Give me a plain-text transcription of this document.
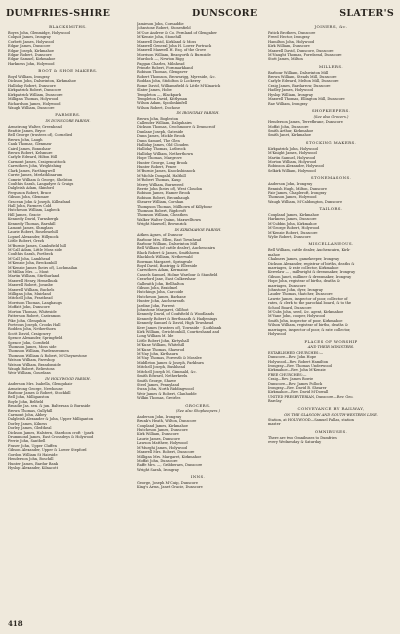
DUMFRIES-SHIRE	DUNSCORE	SLATER'S
BLACKSMITHS.
Boyes John, Glenmidge, Holywood
Colquit James, Irongray
Corbett James, Holywood
Edgar James, Dunscore
Edgar Joseph, Kirkmahoe
Edgar Robert, Dunscore
Edgar Samuel, Kirkmahoe
Harkness John, Holywood
BOOT & SHOE MAKERS.
Boyd William, Irongray
Dickson John, Dalswinton, Kirkmahoe
Halliday Robert, Dunscore
Kirkpatrick Robert, Dunscore
Kirkpatrick William, Dunscore
Milligan Thomas, Holywood
Richardson James, Holywood
Waugh William, Dunscore
FARMERS.
IN DUNSCORE PARISH.
Armstrong Walter, Greenhead
Beattie James, Bryce
Bell George (trustees of), Cornelied
Brown John, Laugh
Cauk Thomas, Glenmaw
Caird James, Bonnshaw
Brown Robert, Kelsmure
Carlyle Edward, Hilton Hill
Carmont James, Craigencattock
Carruthers John, Wrightshing
Clark James, Farthingwell
Currie James, Merlathlinarum
Comrie William & George, Shelston
Coulthis Sarah, Langadyre & Craigs
Dalgleish Adam, Skinford
Ferguson Robert, Bruce
Gibson John, Glenmaw
Gracean John & Joseph, Killeafand
Hall John, Farmers Cold
Hutcheson William, Lagbeck
Hill James, Gracie
Kennedy David, Turnsbergk
Kennedy Thomas, Barnhill
Lamont James, Shmglass
Laurie Robert, Rosebraehill
Lopnel Alexander, Hillynock
Little Robert, Grezh
M'Burnie James, Cambsfield hill
M'Call Adam, Little Moss side
Coulthis Sarah, Portbeck
M'Call John, Lambhead
M'Kenzie John, Breckonhill
M'Kenzie James (heirs of), Lochmailan
M'Millan Mrs. — Mout
Martin William, Stirthurland
Maxwell Henry, Hemelhusk
Maxwell Robert, Joranbe
Maxwell William, Buchels
Milligan John, Muirland
Mitchell John, Frasthead
Morrison Thomas, Langhaugs
Moffatt John, Dunscore
Morton Thomas, Whiteside
Patterson Robert, Castramon
Pike John, Glenquhin
Porteous Joseph, Crooks Hall
Rodden John, Netherthorn
Scott David, Craigcurry
Spence Alexander, Springfield
Spence John, Cornfield
Thomson James, Moss side
Thomson William, Fardenswomen
Thomson William & Robert, M'Cheynestone
Watson William, Fareshop
Watson William, Brandonside
Waugh Robert, Reliestons
Weir William, Gourdans
IN HOLYWOOD PARISH.
Anderson Mrs. Isabella, Glenquhair
Armstrong George, Newhouse
Barbour James & Robert, Stockhill
Bell John, Milliganston
Boyle John, Belfield
Broadie Jas. sen. & jun. Baltersan & Burnside
Brown Thomas, Gullyhill
Carmont John, Abbey
Dalgleish Alexander & John, Upper Milliganton
Dorley James, Kilness
Dorley James, Gledtheal
Dickson James, Halstern, Stardoon croft · (park
Drummond James, East Crossdeys & Holywood
Ferrie John, Santbell
Fraser John, Upper Cluffen
Gibson Alexander, Upper & Lower Stepford
Gordon William St Hairside
Henderson John, Boschill
Hunter James, Bardur Bank
Hyslop Alexander, Kilnacott
Jamieson John, Cornaddie
Johnstone Robert, Stonesfield
M'Cue Andrew & Co. Fernland of Glengaber
M'Kenzie John, Stonehill
Maxwell David, Kirkland & Moss
Maxwell General John H. Lower Portrack
Maxwell Maxwell H. Esq. of the Grove
Morrison William, Beanyorth & Burnside
Murdoch —, Newton Rigg
Paggan Charles, Milnhead
Primrle Robert, Fornmarkhand
Robison Thomas, Glengaver
Robert Thomson, Brownrigg, Myreside, &c.
Roddan John, Stidolton & Lockerey
Rome David, Williamsfield & Little M'Kinarick
Slater James, Hobe
Templeton —, Blackpark
Templeton David, Kittlyman
Wilson Adam, Spoiloskinfell
Wilson Robert, Dochose
IN IRONGRAY PARISH.
Brown John, Bogleston
Callender William, Dalquhairn
Dickson Thomas, Crochmoore & Drumcroif
Dunlane Joseph, Gateside
Dunn James, Mickle Brook
Dunn Samuel, The Glen
Halliday James, Old Clouden
Halliday Thomas, Lotbrock
Halliday William, Netherthown
Hope Thomas, Margrove
Hunter George, Long Brook
Hunter Robert, Fenee
M'Burnie James, Knockshinnock
M'Michle Dougald, Halthill
M'Robert Thomas, Kaup
Merry William, Burnweed
Rerrie John (heirs of), West Cloudon
Robison James, Hamer Brook
Robison Robert, Brounhaugh
Shearer William, Corshan
Thompson Thomas, Millhown of Killybour
Thomson Robert, Rigdcroft
Thomson William, Cheathen
Walker Walter Quinn, Maxwelltown
Wright Maxwell, Brownrick
IN KIRKMAHOE PARISH.
Aitken Agnes, of Dunscor
Barbour Mrs. Ellen, East Townhead
Barbour William, Dalswinton Mill
Bell William (of cattle dealer), Auchencairn
Black Robert & James, Smithhown
Blacklock William, Netherwald
Bowman Margaret, Springvale
Boyd David, Boatrigg & Elleeside
Carruthers Adam, Kermaine
Cassels Samuel, Holme Wardour & Stanfield
Crawford Jane, East Culkershaw
Galbraith John, Bellhalton
Gibson John, Braidmel
Hutchings John, Carcoide
Hutcheson James, Barbane
Hunter John, Auchenreath
Jardine John, Forrest
Johnstone Margaret, Gillfoot
Kennedy David, of Coufsfield & Woodlands
Kennedy Robert & Berthsaath & Hadjenings
Kennedy Samuel & David, High Townhead
Kerr James (trustees of), Townside · (Luthbank
Kirk William, Grrichtonhill, Courtieshand and
Long William M. lde
Little Robert John, Kirtyshall
M'Kune William, Whitehill
M'Kune Thomas, Shawrod
M'Nay John, Kirthaurn
M'Nay Thomas, Forrestb & Mosslee
Middleton James & Joseph, Parkburn
Mitchell Joseph, Bushhead
Mitchell Joseph M, Gimmald, &c.
Smith Edward, Netherkeelu
Smith George, Shawe
Steel James, Pennyland
Swan John, North Riddingwood
Weir James & Robert, Clanhudde
Wilkin Thomas, Greirles
GROCERS.
(See also Shopkeepers.)
Anderson John, Irongray
Brunk's Heath, Wilton, Dunscore
Coupland James, Kirkmahoe
Hutcheson James, Dunscore
Kirk William, Dunscore
Laurie James, Dunscore
Lawson Matthew, Holywood
M'Murghi James, Holywood
Maxwell Mrs. Robert, Dunscore
Milligan Mrs. Margaret, Kirkmahoe
Moffat John, Dunscore
Raffe Mrs. —, Gribberaes, Dunscore
Wright Sarah, Irongray
INNS.
George, Joseph M'Cuip, Dunscore
King's Arms, Janet Gracie, Dunscore
JOINERS, &c.
Patick Brothers, Dunscore
Freed Hector, Irongray
Hamilton John, Holywood
Kirk William, Dunscore
Maxwell David, Dunscore, Dunscore
M'Naught Thomas, Forrdsend, Dunscore
Stott James, Milton
MILLERS.
Barbour William, Dalswinton Mill
Brown William, Steads Mill, Dunscore
Carlyle Edward, Melton Mill, Dunscore
Craig James, Bardarrow, Dunscore
Hadley James, Holywood
Hyslop William, Irongray
Maxwell Thomas, Ellington Mill, Dunscore
Rae William, Irongray
SHOPKEEPERS.
(See also Grocers.)
Henderson James, Terrefbrane, Dunscore
Moffat John, Dunscore
Smith Arthur, Kirkmahoe
Smith Janet, Kirkmahoe
STOCKING MAKERS.
Kirkpatrick John, Holywood
M'Knight James, Holywood
Martin Samuel, Holywood
Morton William, Holywood
Robinson Alexander, Holywood
Selkirk William, Holywood
STONEMASONS.
Anderson John, Irongray
Bennish Hugh, Milton, Dunscore
Fair James, Chapleroft, Irongray
Thomson James, Holywood
Waugh William, M'Caldongton, Dunscore
TAILORS.
Coupland James, Kirkmahoe
Harkness James, Dunscore
M'Cubbin John, Kirkmahoe
M'George Robert, Holywood
M'Kenzie Robert, Dunscore
Wylie Robert, Dunscore
MISCELLANEOUS.
Bell William, cattle dealer, Auchencairn, Kirk-
mahoe
Chalmers James, gamekeeper, Irongray
Dickson Alexander, registrar of births, deaths &
marriages, & rate collector, Kirkmahoe
Kerrelaw — , millwright & dressmaker, Irongray
Gibson Janet, milliner & dressmaker, Irongray
Hope John, registrar of births, deaths &
marriages, Dunscore
Johnstone John, dyer, Irongray
Lauder Thomas, thatcher, Dunscore
Lawrie James, inspector of poor, collector of
rates, & clerk to the parochial board, & to the
School Board, Dunscore
M'Cubs John, seed, &c. agent, Kirkmahoe
M'Vane John, cooper, Holywood
Smith John, inspector of poor, Kirkmahoe
Wilson William, registrar of births, deaths &
marriages, inspector of poor, & rate collector,
Holywood
PLACES OF WORSHIP
AND THEIR MINISTERS.
ESTABLISHED CHURCHES:—
Dunscore—Rev. John Hope
Holywood—Rev. Robert Hamilton
Irongray—Rev. Thomas Underwood
Kirkmahoe—Rev. John M'Kenzie
FREE CHURCHES:—
Craig—Rev. James Bowie
Dunscore—Rev. James Pollock
Irongray—Rev. David B. Shearer
Kirkmahoe—Rev. David M'Dowall
UNITED PRESBYTERIAN, Dunscore—Rev. Geo.
Barclay
CONVEYANCE BY RAILWAY,
ON THE GLASGOW AND SOUTH-WESTERN LINE.
Station, at HOLYWOOD—Samuel Fallas, station
master
OMNIBUSES.
There are two Omnibuses to Dumfries
every Wednesday & Saturday
418
